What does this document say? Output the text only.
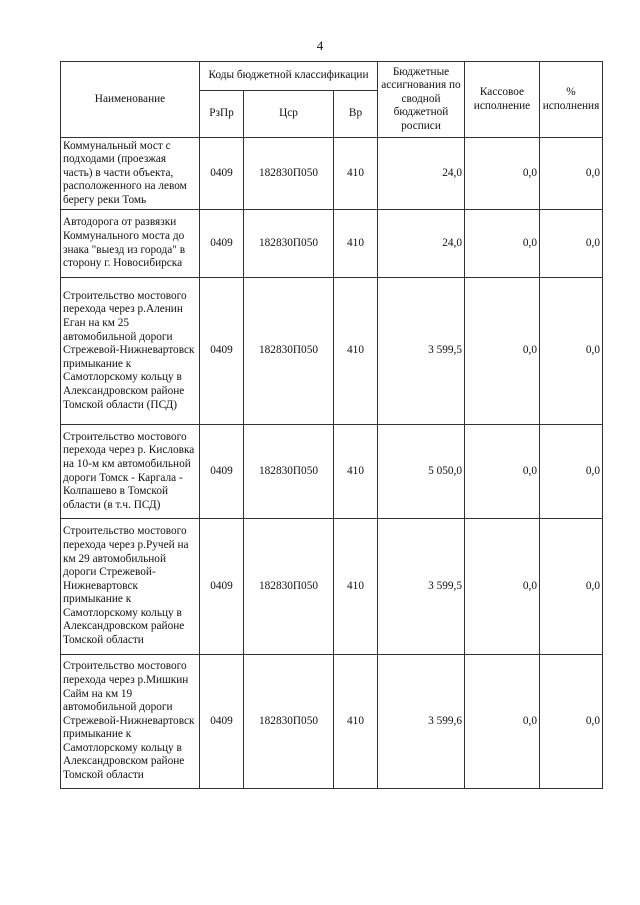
4
Наименование	Коды бюджетной классификации			Бюджетные ассигнования по сводной бюджетной росписи	Кассовое исполнение	% исполнения
	РзПр	Цср	Вр			
Коммунальный мост с подходами (проезжая часть) в части объекта, расположенного на левом берегу реки Томь	0409	182830П050	410	24,0	0,0	0,0
Автодорога от развязки Коммунального моста до знака "выезд из города" в сторону г. Новосибирска	0409	182830П050	410	24,0	0,0	0,0
Строительство мостового перехода через р.Аленин Еган на км 25 автомобильной дороги Стрежевой-Нижневартовск примыкание к Самотлорскому кольцу в Александровском районе Томской области (ПСД)	0409	182830П050	410	3 599,5	0,0	0,0
Строительство мостового перехода через р. Кисловка на 10-м км автомобильной дороги Томск - Каргала - Колпашево в Томской области (в т.ч. ПСД)	0409	182830П050	410	5 050,0	0,0	0,0
Строительство мостового перехода через р.Ручей на км 29 автомобильной дороги Стрежевой-Нижневартовск примыкание к Самотлорскому кольцу в Александровском районе Томской области	0409	182830П050	410	3 599,5	0,0	0,0
Строительство мостового перехода через р.Мишкин Сайм на км 19 автомобильной дороги Стрежевой-Нижневартовск примыкание к Самотлорскому кольцу в Александровском районе Томской области	0409	182830П050	410	3 599,6	0,0	0,0
